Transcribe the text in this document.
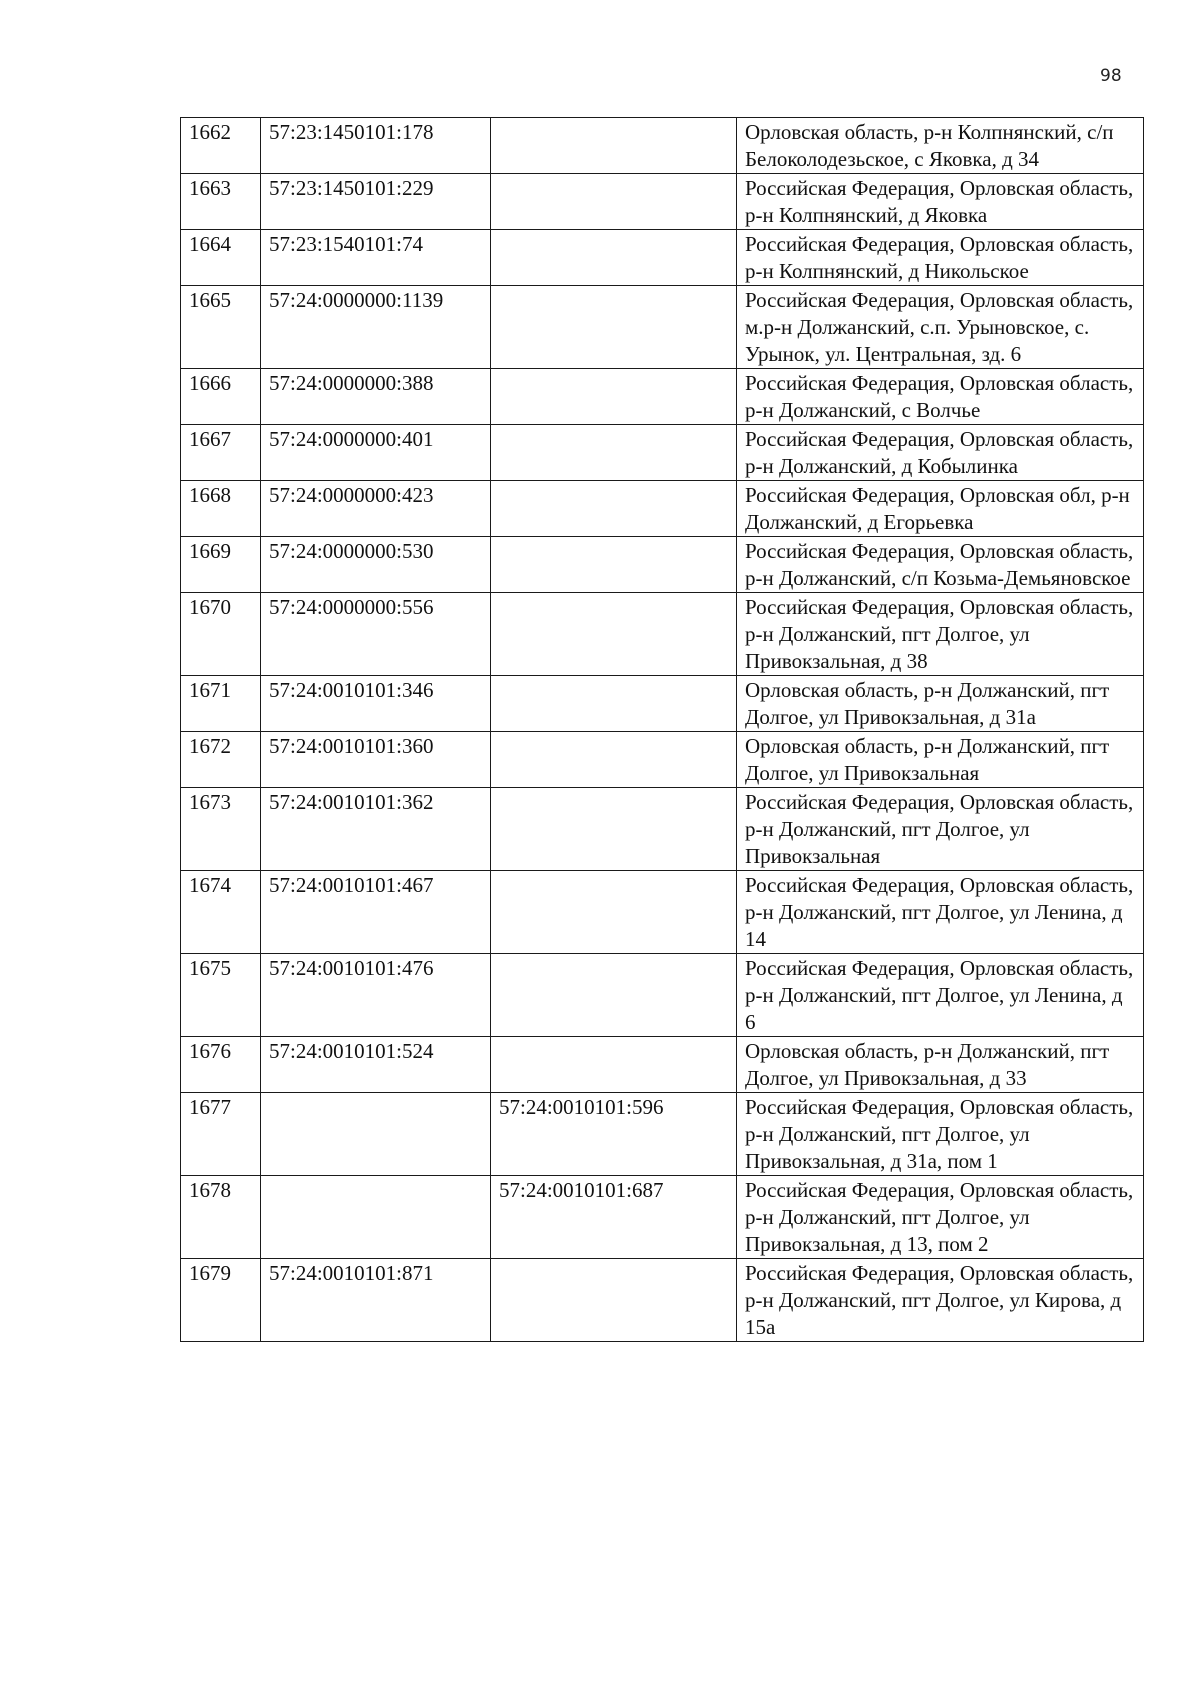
98
1662	57:23:1450101:178		Орловская область, р-н Колпнянский, с/п Белоколодезьское, с Яковка, д 34
1663	57:23:1450101:229		Российская Федерация, Орловская область, р-н Колпнянский, д Яковка
1664	57:23:1540101:74		Российская Федерация, Орловская область, р-н Колпнянский, д Никольское
1665	57:24:0000000:1139		Российская Федерация, Орловская область, м.р-н Должанский, с.п. Урыновское, с. Урынок, ул. Центральная, зд. 6
1666	57:24:0000000:388		Российская Федерация, Орловская область, р-н Должанский, с Волчье
1667	57:24:0000000:401		Российская Федерация, Орловская область, р-н Должанский, д Кобылинка
1668	57:24:0000000:423		Российская Федерация, Орловская обл, р-н Должанский, д Егорьевка
1669	57:24:0000000:530		Российская Федерация, Орловская область, р-н Должанский, с/п Козьма-Демьяновское
1670	57:24:0000000:556		Российская Федерация, Орловская область, р-н Должанский, пгт Долгое, ул Привокзальная, д 38
1671	57:24:0010101:346		Орловская область, р-н Должанский, пгт Долгое, ул Привокзальная, д 31а
1672	57:24:0010101:360		Орловская область, р-н Должанский, пгт Долгое, ул Привокзальная
1673	57:24:0010101:362		Российская Федерация, Орловская область, р-н Должанский, пгт Долгое, ул Привокзальная
1674	57:24:0010101:467		Российская Федерация, Орловская область, р-н Должанский, пгт Долгое, ул Ленина, д 14
1675	57:24:0010101:476		Российская Федерация, Орловская область, р-н Должанский, пгт Долгое, ул Ленина, д 6
1676	57:24:0010101:524		Орловская область, р-н Должанский, пгт Долгое, ул Привокзальная, д 33
1677		57:24:0010101:596	Российская Федерация, Орловская область, р-н Должанский, пгт Долгое, ул Привокзальная, д 31а, пом 1
1678		57:24:0010101:687	Российская Федерация, Орловская область, р-н Должанский, пгт Долгое, ул Привокзальная, д 13, пом 2
1679	57:24:0010101:871		Российская Федерация, Орловская область, р-н Должанский, пгт Долгое, ул Кирова, д 15а
